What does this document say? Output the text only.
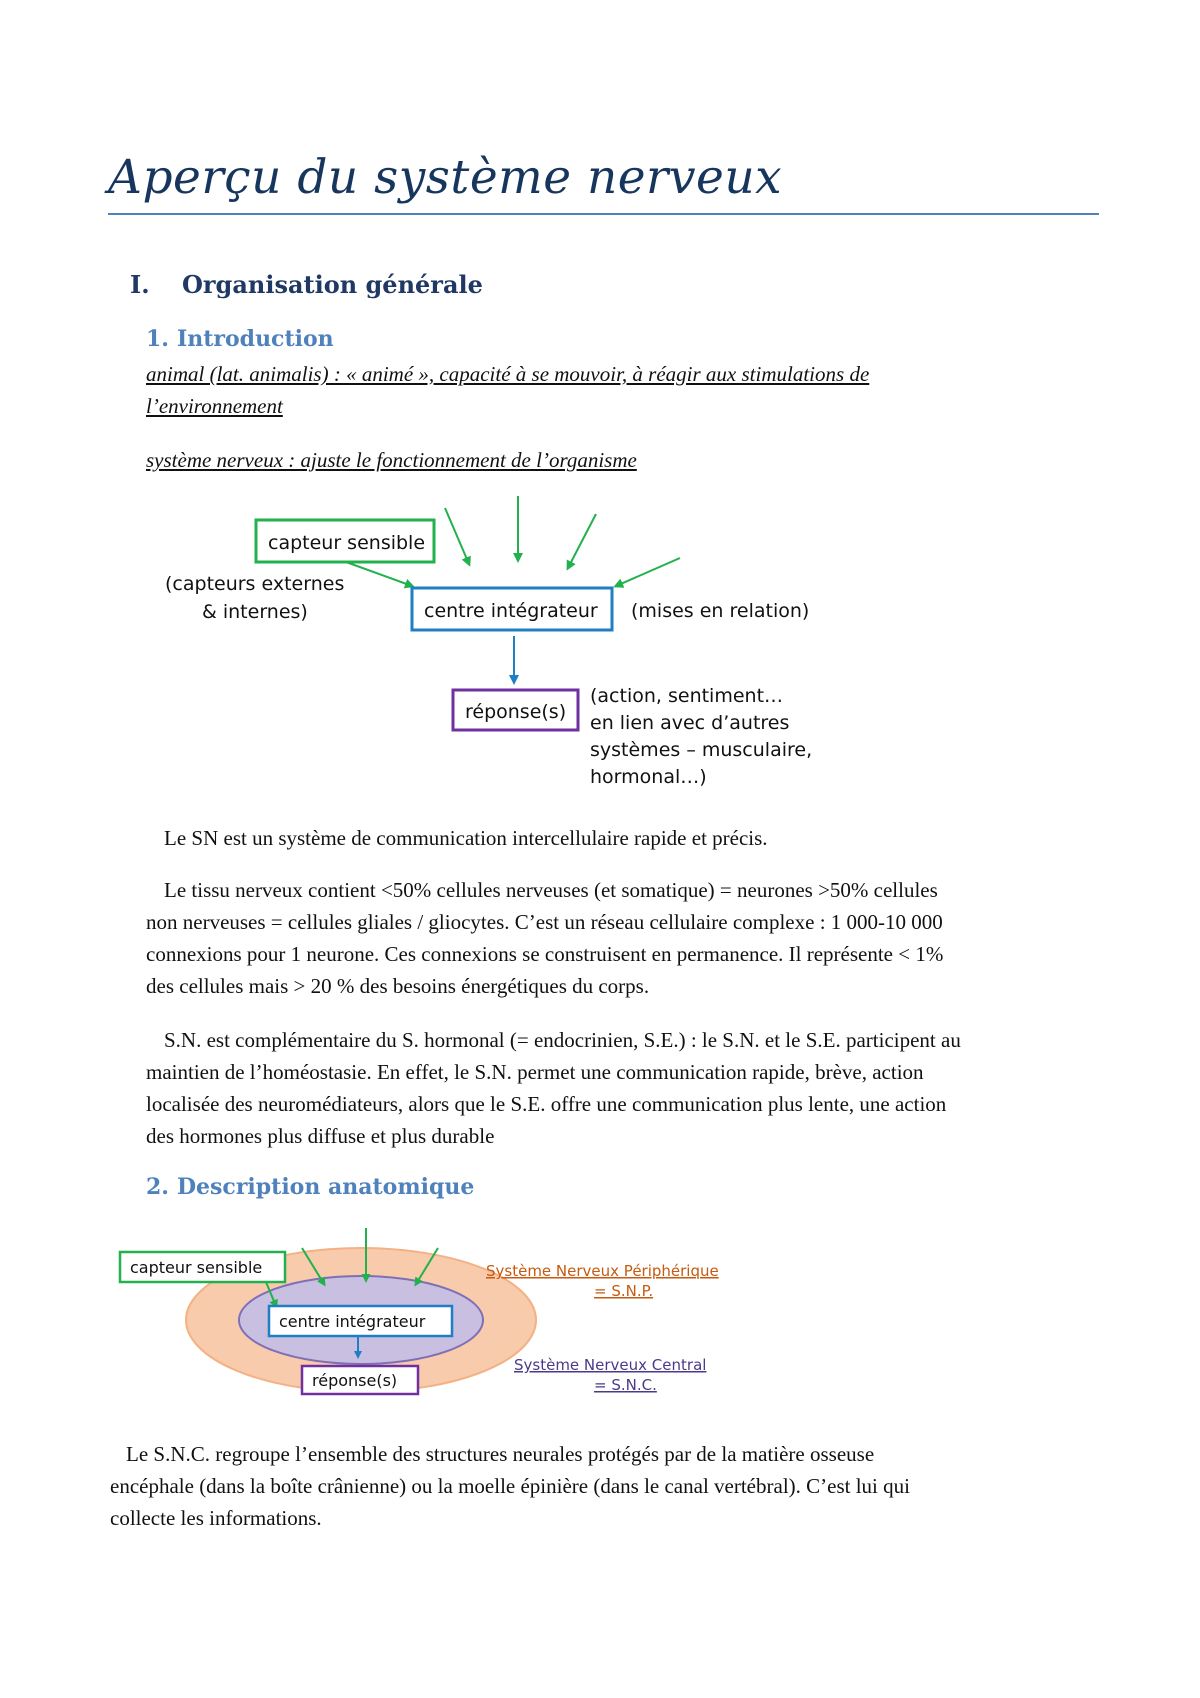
Aperçu du système nerveux
I. Organisation générale
1. Introduction

animal (lat. animalis) : « animé », capacité à se mouvoir, à réagir aux stimulations de
l’environnement

système nerveux : ajuste le fonctionnement de l’organisme

capteur sensible
(capteurs externes
& internes)	centre intégrateur (mises en relation)
réponse(s)
(action, sentiment…
en lien avec d’autres
systèmes – musculaire,
hormonal…)

Le SN est un système de communication intercellulaire rapide et précis.

Le tissu nerveux contient <50% cellules nerveuses (et somatique) = neurones >50% cellules
non nerveuses = cellules gliales / gliocytes. C’est un réseau cellulaire complexe : 1 000-10 000
connexions pour 1 neurone. Ces connexions se construisent en permanence. Il représente < 1%
des cellules mais > 20 % des besoins énergétiques du corps.

S.N. est complémentaire du S. hormonal (= endocrinien, S.E.) : le S.N. et le S.E. participent au
maintien de l’homéostasie. En effet, le S.N. permet une communication rapide, brève, action
localisée des neuromédiateurs, alors que le S.E. offre une communication plus lente, une action
des hormones plus diffuse et plus durable

2. Description anatomique
capteur sensible
centre intégrateur
réponse(s)
Système Nerveux Périphérique
= S.N.P.
Système Nerveux Central
= S.N.C.

Le S.N.C. regroupe l’ensemble des structures neurales protégés par de la matière osseuse
encéphale (dans la boîte crânienne) ou la moelle épinière (dans le canal vertébral). C’est lui qui
collecte les informations.
